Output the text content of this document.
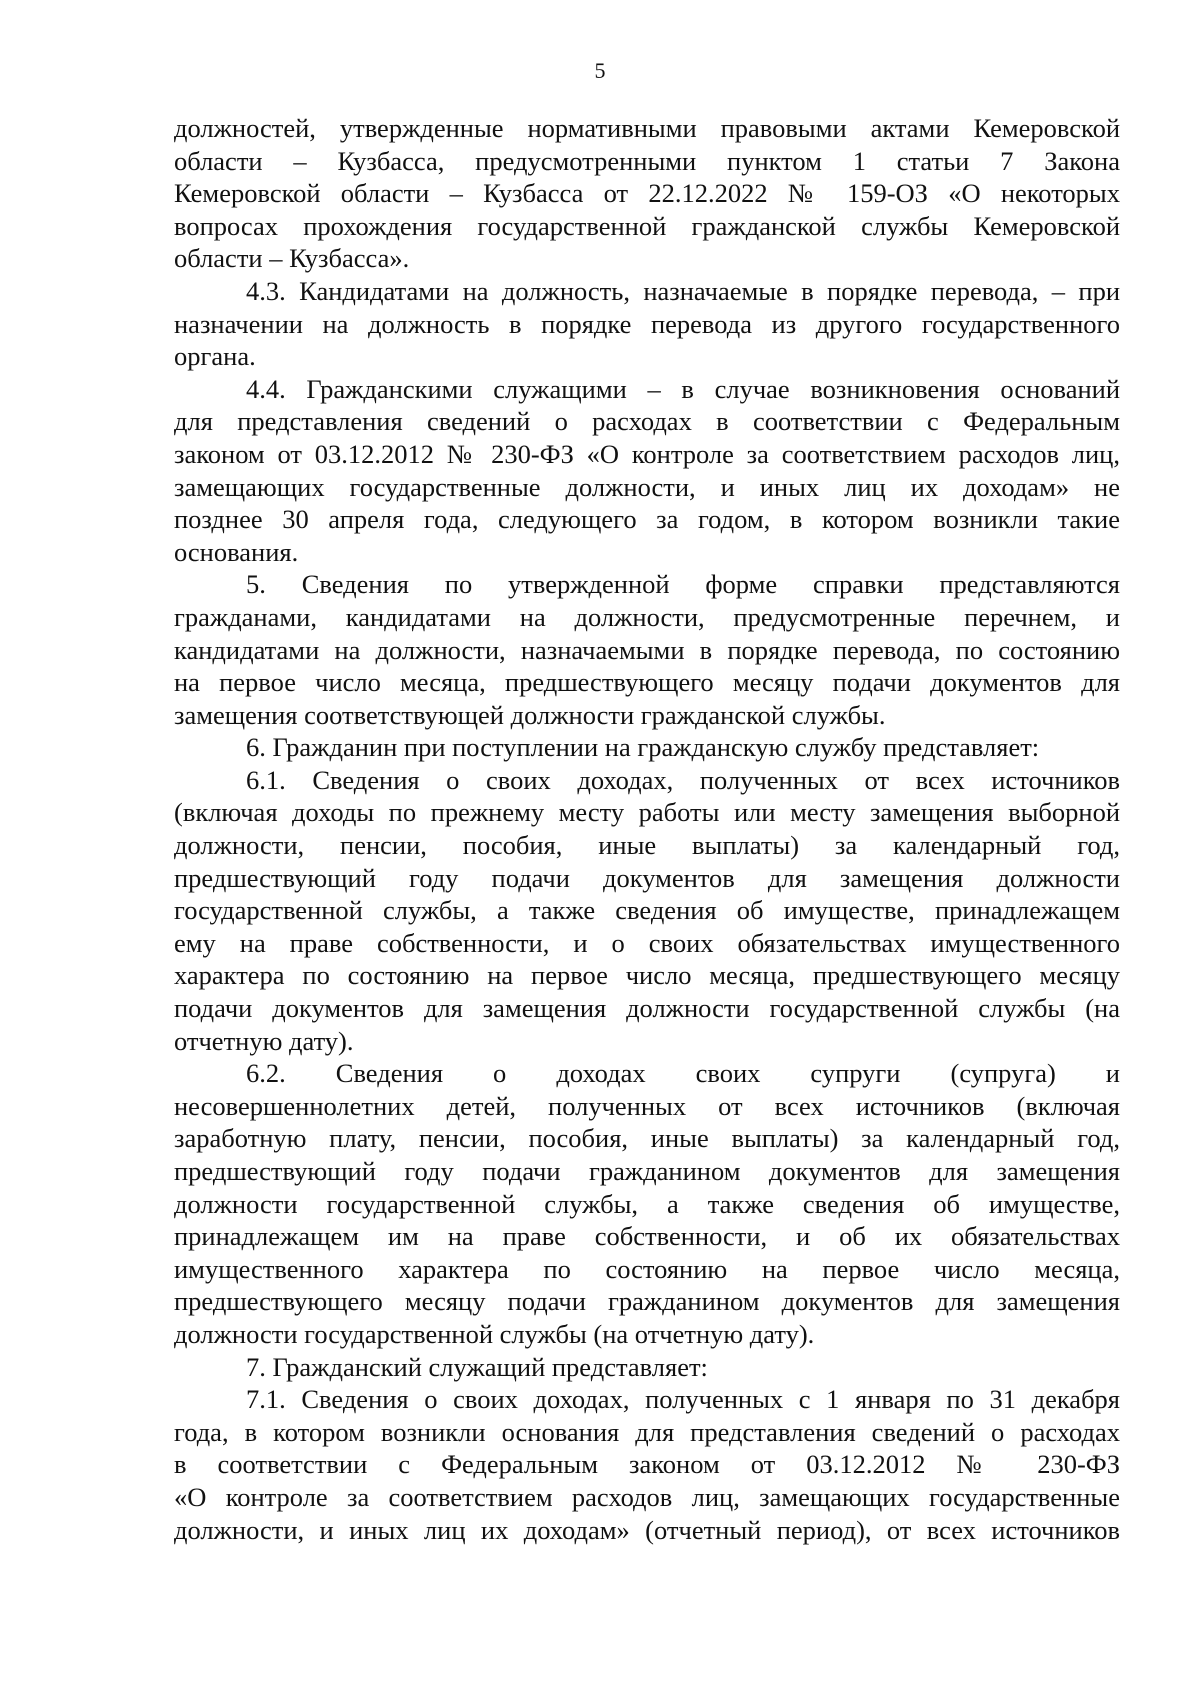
5
должностей, утвержденные нормативными правовыми актами Кемеровской
области – Кузбасса, предусмотренными пунктом 1 статьи 7 Закона
Кемеровской области – Кузбасса от 22.12.2022 № 159-ОЗ «О некоторых
вопросах прохождения государственной гражданской службы Кемеровской
области – Кузбасса».
4.3. Кандидатами на должность, назначаемые в порядке перевода, – при
назначении на должность в порядке перевода из другого государственного
органа.
4.4. Гражданскими служащими – в случае возникновения оснований
для представления сведений о расходах в соответствии с Федеральным
законом от 03.12.2012 № 230-ФЗ «О контроле за соответствием расходов лиц,
замещающих государственные должности, и иных лиц их доходам» не
позднее 30 апреля года, следующего за годом, в котором возникли такие
основания.
5. Сведения по утвержденной форме справки представляются
гражданами, кандидатами на должности, предусмотренные перечнем, и
кандидатами на должности, назначаемыми в порядке перевода, по состоянию
на первое число месяца, предшествующего месяцу подачи документов для
замещения соответствующей должности гражданской службы.
6. Гражданин при поступлении на гражданскую службу представляет:
6.1. Сведения о своих доходах, полученных от всех источников
(включая доходы по прежнему месту работы или месту замещения выборной
должности, пенсии, пособия, иные выплаты) за календарный год,
предшествующий году подачи документов для замещения должности
государственной службы, а также сведения об имуществе, принадлежащем
ему на праве собственности, и о своих обязательствах имущественного
характера по состоянию на первое число месяца, предшествующего месяцу
подачи документов для замещения должности государственной службы (на
отчетную дату).
6.2. Сведения о доходах своих супруги (супруга) и
несовершеннолетних детей, полученных от всех источников (включая
заработную плату, пенсии, пособия, иные выплаты) за календарный год,
предшествующий году подачи гражданином документов для замещения
должности государственной службы, а также сведения об имуществе,
принадлежащем им на праве собственности, и об их обязательствах
имущественного характера по состоянию на первое число месяца,
предшествующего месяцу подачи гражданином документов для замещения
должности государственной службы (на отчетную дату).
7. Гражданский служащий представляет:
7.1. Сведения о своих доходах, полученных с 1 января по 31 декабря
года, в котором возникли основания для представления сведений о расходах
в соответствии с Федеральным законом от 03.12.2012 № 230-ФЗ
«О контроле за соответствием расходов лиц, замещающих государственные
должности, и иных лиц их доходам» (отчетный период), от всех источников
